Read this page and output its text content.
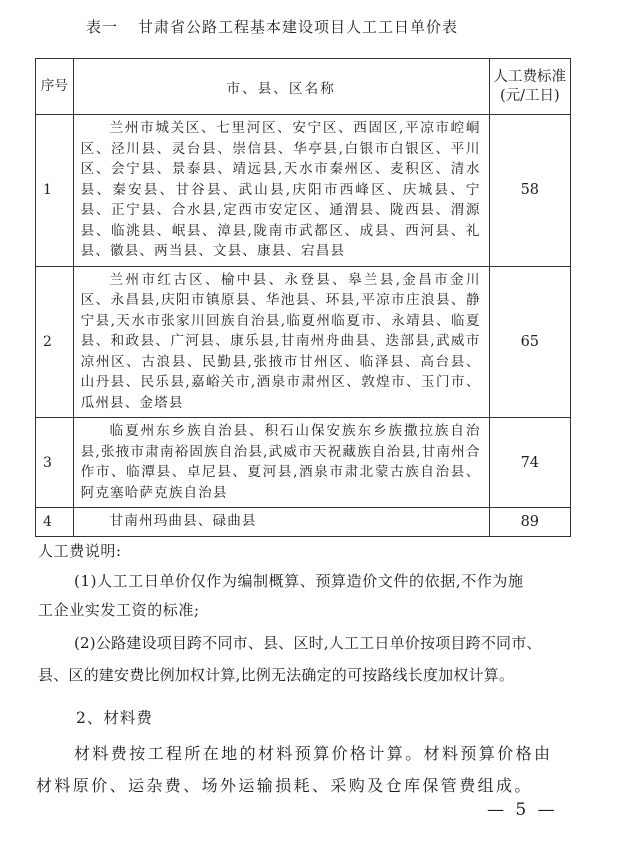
表一 甘肃省公路工程基本建设项目人工工日单价表
序号	市、县、区名称	人工费标准(元/工日)

1	兰州市城关区、七里河区、安宁区、西固区,平凉市崆峒区、泾川县、灵台县、崇信县、华亭县,白银市白银区、平川区、会宁县、景泰县、靖远县,天水市秦州区、麦积区、清水县、秦安县、甘谷县、武山县,庆阳市西峰区、庆城县、宁县、正宁县、合水县,定西市安定区、通渭县、陇西县、渭源县、临洮县、岷县、漳县,陇南市武都区、成县、西河县、礼县、徽县、两当县、文县、康县、宕昌县	58
2	兰州市红古区、榆中县、永登县、皋兰县,金昌市金川区、永昌县,庆阳市镇原县、华池县、环县,平凉市庄浪县、静宁县,天水市张家川回族自治县,临夏州临夏市、永靖县、临夏县、和政县、广河县、康乐县,甘南州舟曲县、迭部县,武威市凉州区、古浪县、民勤县,张掖市甘州区、临泽县、高台县、山丹县、民乐县,嘉峪关市,酒泉市肃州区、敦煌市、玉门市、瓜州县、金塔县	65
3	临夏州东乡族自治县、积石山保安族东乡族撒拉族自治县,张掖市肃南裕固族自治县,武威市天祝藏族自治县,甘南州合作市、临潭县、卓尼县、夏河县,酒泉市肃北蒙古族自治县、阿克塞哈萨克族自治县	74
4	甘南州玛曲县、碌曲县	89
人工费说明:
(1)人工工日单价仅作为编制概算、预算造价文件的依据,不作为施
工企业实发工资的标准;
(2)公路建设项目跨不同市、县、区时,人工工日单价按项目跨不同市、
县、区的建安费比例加权计算,比例无法确定的可按路线长度加权计算。
2、材料费
材料费按工程所在地的材料预算价格计算。材料预算价格由
材料原价、运杂费、场外运输损耗、采购及仓库保管费组成。
— 5 —
